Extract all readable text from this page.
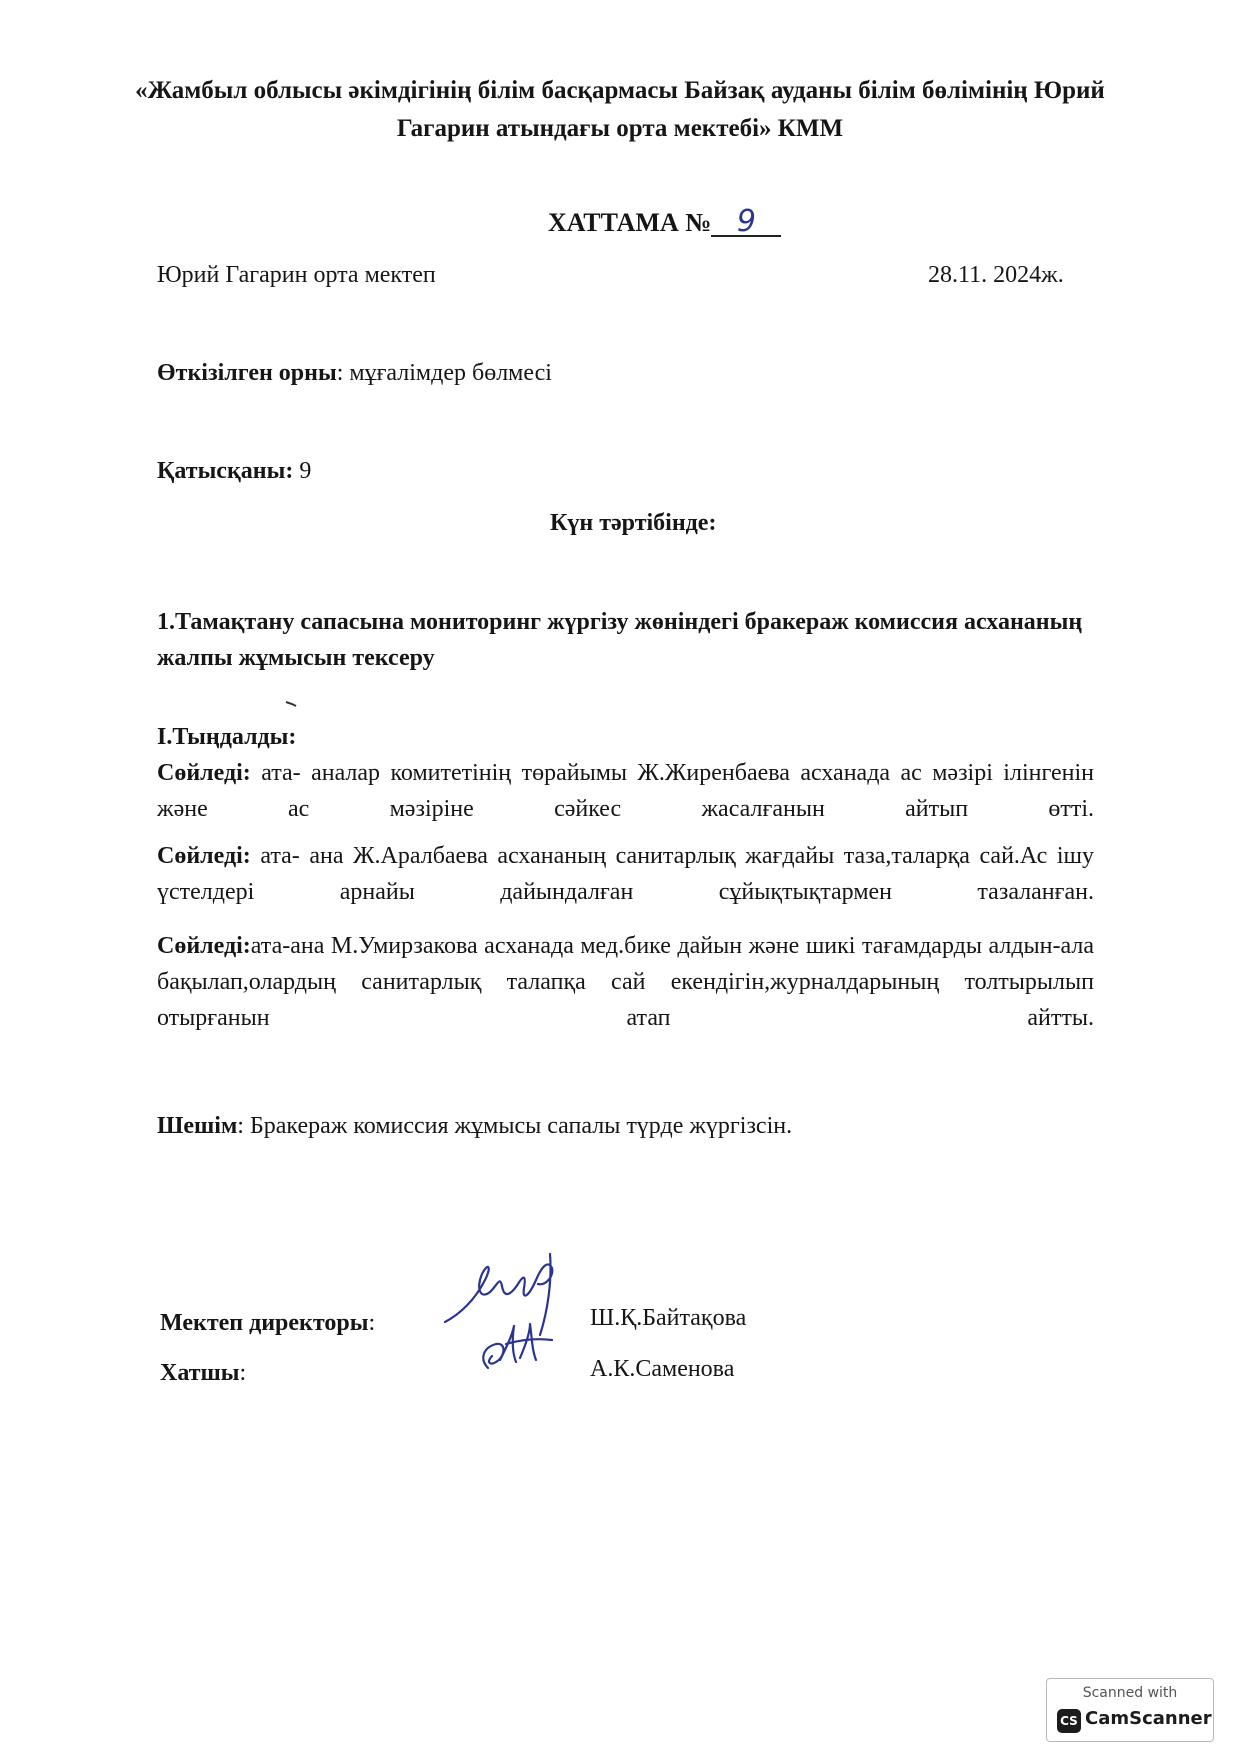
«Жамбыл облысы әкімдігінің білім басқармасы Байзақ ауданы білім бөлімінің Юрий Гагарин атындағы орта мектебі» КММ
ХАТТАМА № 9
Юрий Гагарин орта мектеп	28.11. 2024ж.
Өткізілген орны: мұғалімдер бөлмесі
Қатысқаны: 9
Күн тәртібінде:
1.Тамақтану сапасына мониторинг жүргізу жөніндегі бракераж комиссия асхананың жалпы жұмысын тексеру
І.Тыңдалды:
Сөйледі: ата- аналар комитетінің төрайымы Ж.Жиренбаева асханада ас мәзірі ілінгенін және ас мәзіріне сәйкес жасалғанын айтып өтті.
Сөйледі: ата- ана Ж.Аралбаева асхананың санитарлық жағдайы таза,таларқа сай.Ас ішу үстелдері арнайы дайындалған сұйықтықтармен тазаланған.
Сөйледі:ата-ана М.Умирзакова асханада мед.бике дайын және шикі тағамдарды алдын-ала бақылап,олардың санитарлық талапқа сай екендігін,журналдарының толтырылып отырғанын атап айтты.
Шешім: Бракераж комиссия жұмысы сапалы түрде жүргізсін.
Мектеп директоры:	Ш.Қ.Байтақова
Хатшы:	А.К.Саменова
Scanned with
CS CamScanner
